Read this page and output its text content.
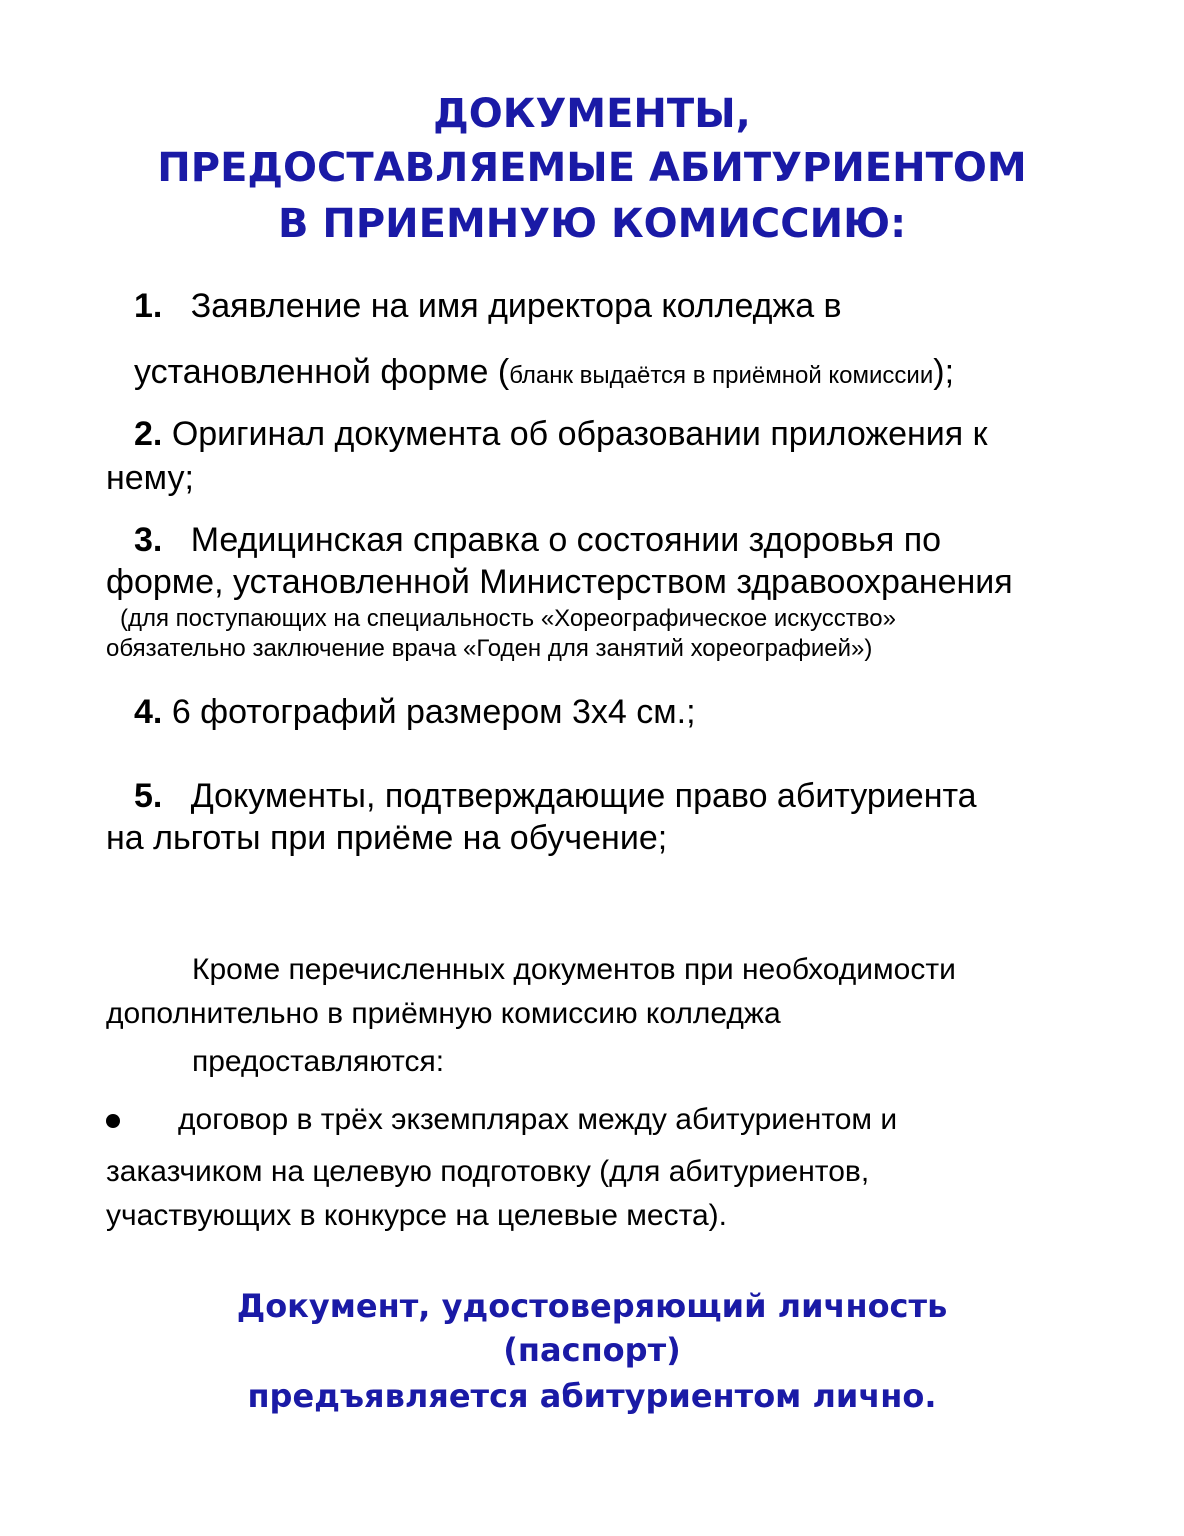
ДОКУМЕНТЫ,
ПРЕДОСТАВЛЯЕМЫЕ АБИТУРИЕНТОМ
В ПРИЕМНУЮ КОМИССИЮ:
1. Заявление на имя директора колледжа в
установленной форме (бланк выдаётся в приёмной комиссии);
2. Оригинал документа об образовании приложения к
нему;
3. Медицинская справка о состоянии здоровья по
форме, установленной Министерством здравоохранения
(для поступающих на специальность «Хореографическое искусство»
обязательно заключение врача «Годен для занятий хореографией»)
4. 6 фотографий размером 3х4 см.;
5. Документы, подтверждающие право абитуриента
на льготы при приёме на обучение;
Кроме перечисленных документов при необходимости
дополнительно в приёмную комиссию колледжа
предоставляются:
договор в трёх экземплярах между абитуриентом и
заказчиком на целевую подготовку (для абитуриентов,
участвующих в конкурсе на целевые места).
Документ, удостоверяющий личность
(паспорт)
предъявляется абитуриентом лично.
